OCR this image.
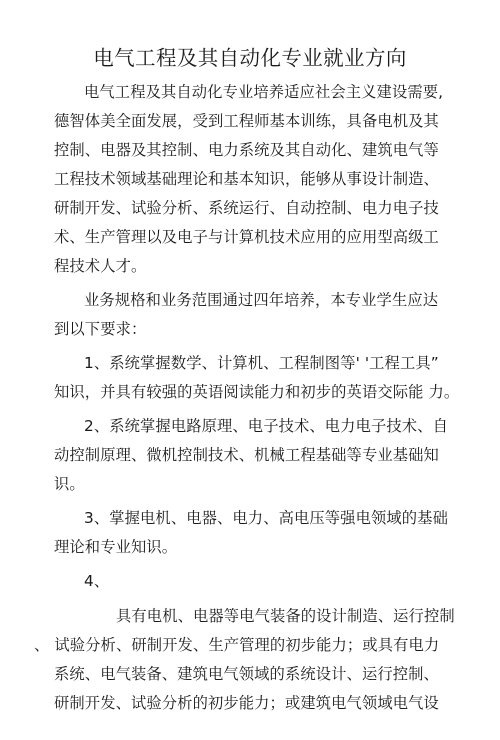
电气工程及其自动化专业就业方向

电气工程及其自动化专业培养适应社会主义建设需要,

德智体美全面发展，受到工程师基本训练，具备电机及其

控制、电器及其控制、电力系统及其自动化、建筑电气等

工程技术领域基础理论和基本知识，能够从事设计制造、

研制开发、试验分析、系统运行、自动控制、电力电子技

术、生产管理以及电子与计算机技术应用的应用型高级工

程技术人才。

业务规格和业务范围通过四年培养，本专业学生应达

到以下要求：

1、系统掌握数学、计算机、工程制图等' '工程工具”

知识，并具有较强的英语阅读能力和初步的英语交际能 力。

2、系统掌握电路原理、电子技术、电力电子技术、自

动控制原理、微机控制技术、机械工程基础等专业基础知

识。

3、掌握电机、电器、电力、高电压等强电领域的基础

理论和专业知识。

4、

具有电机、电器等电气装备的设计制造、运行控制

、 试验分析、研制开发、生产管理的初步能力；或具有电力

系统、电气装备、建筑电气领域的系统设计、运行控制、

研制开发、试验分析的初步能力；或建筑电气领域电气设
